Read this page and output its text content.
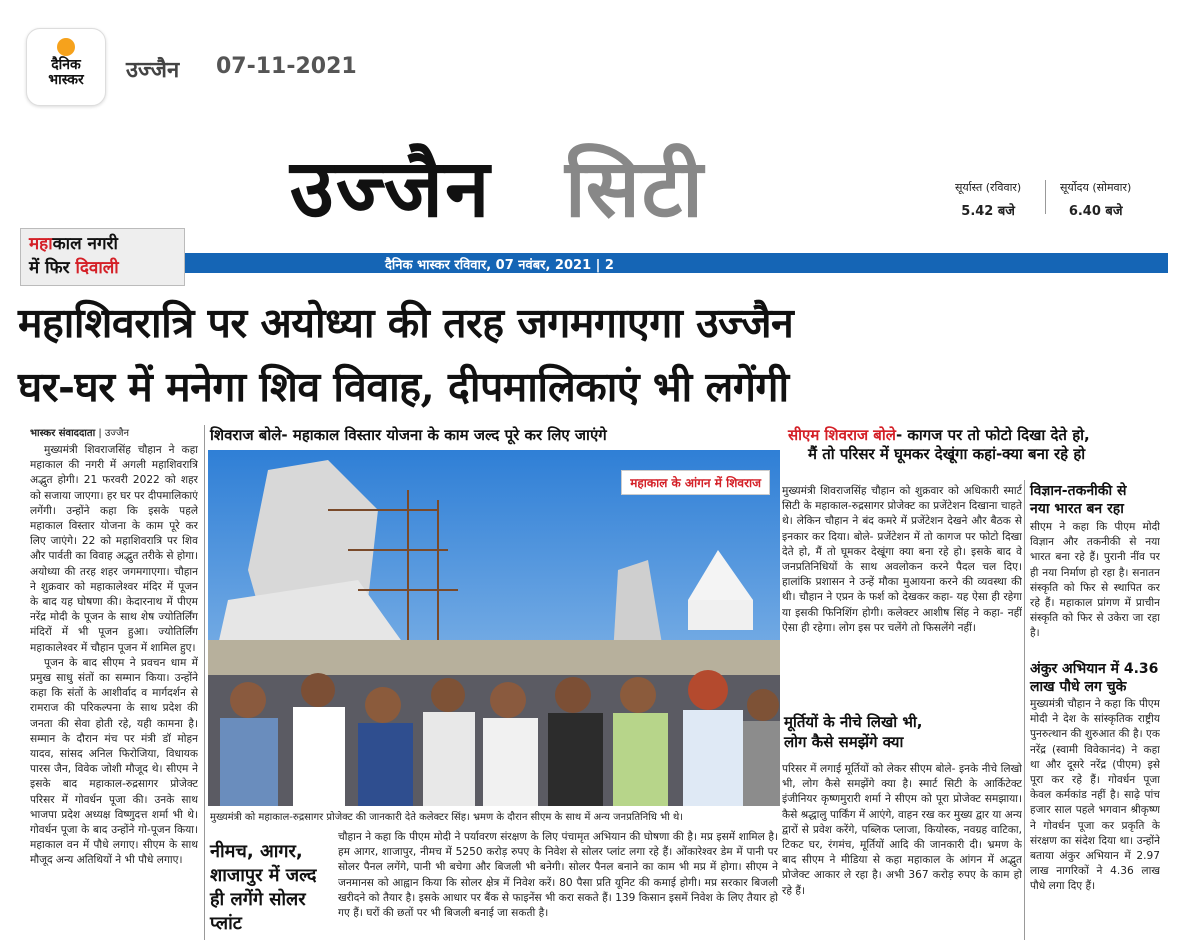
दैनिक
भास्कर	उज्जैन 07-11-2021
उज्जैन सिटी	सूर्यास्त (रविवार)
5.42 बजे
सूर्योदय (सोमवार)
6.40 बजे
दैनिक भास्कर रविवार, 07 नवंबर, 2021 | 2
महाकाल नगरी
में फिर दिवाली
महाशिवरात्रि पर अयोध्या की तरह जगमगाएगा उज्जैन
घर-घर में मनेगा शिव विवाह, दीपमालिकाएं भी लगेंगी
भास्कर संवाददाता | उज्जैन

मुख्यमंत्री शिवराजसिंह चौहान ने कहा महाकाल की नगरी में अगली महाशिवरात्रि अद्भुत होगी। 21 फरवरी 2022 को शहर को सजाया जाएगा। हर घर पर दीपमालिकाएं लगेंगी। उन्होंने कहा कि इसके पहले महाकाल विस्तार योजना के काम पूरे कर लिए जाएंगे। 22 को महाशिवरात्रि पर शिव और पार्वती का विवाह अद्भुत तरीके से होगा। अयोध्या की तरह शहर जगमगाएगा। चौहान ने शुक्रवार को महाकालेश्वर मंदिर में पूजन के बाद यह घोषणा की। केदारनाथ में पीएम नरेंद्र मोदी के पूजन के साथ शेष ज्योतिर्लिंग मंदिरों में भी पूजन हुआ। ज्योतिर्लिंग महाकालेश्वर में चौहान पूजन में शामिल हुए।

पूजन के बाद सीएम ने प्रवचन धाम में प्रमुख साधु संतों का सम्मान किया। उन्होंने कहा कि संतों के आशीर्वाद व मार्गदर्शन से रामराज की परिकल्पना के साथ प्रदेश की जनता की सेवा होती रहे, यही कामना है। सम्मान के दौरान मंच पर मंत्री डॉ मोहन यादव, सांसद अनिल फिरोजिया, विधायक पारस जैन, विवेक जोशी मौजूद थे। सीएम ने इसके बाद महाकाल-रुद्रसागर प्रोजेक्ट परिसर में गोवर्धन पूजा की। उनके साथ भाजपा प्रदेश अध्यक्ष विष्णुदत्त शर्मा भी थे। गोवर्धन पूजा के बाद उन्होंने गो-पूजन किया। महाकाल वन में पौधे लगाए। सीएम के साथ मौजूद अन्य अतिथियों ने भी पौधे लगाए।

शिवराज बोले- महाकाल विस्तार योजना के काम जल्द पूरे कर लिए जाएंगे	सीएम शिवराज बोले- कागज पर तो फोटो दिखा देते हो,
मैं तो परिसर में घूमकर देखूंगा कहां-क्या बना रहे हो
महाकाल के आंगन में शिवराज
मुख्यमंत्री को महाकाल-रुद्रसागर प्रोजेक्ट की जानकारी देते कलेक्टर सिंह। भ्रमण के दौरान सीएम के साथ में अन्य जनप्रतिनिधि भी थे।
मुख्यमंत्री शिवराजसिंह चौहान को शुक्रवार को अधिकारी स्मार्ट सिटी के महाकाल-रुद्रसागर प्रोजेक्ट का प्रजेंटेशन दिखाना चाहते थे। लेकिन चौहान ने बंद कमरे में प्रजेंटेशन देखने और बैठक से इनकार कर दिया। बोले- प्रजेंटेशन में तो कागज पर फोटो दिखा देते हो, मैं तो घूमकर देखूंगा क्या बना रहे हो। इसके बाद वे जनप्रतिनिधियों के साथ अवलोकन करने पैदल चल दिए। हालांकि प्रशासन ने उन्हें मौका मुआयना करने की व्यवस्था की थी। चौहान ने एप्रन के फर्श को देखकर कहा- यह ऐसा ही रहेगा या इसकी फिनिशिंग होगी। कलेक्टर आशीष सिंह ने कहा- नहीं ऐसा ही रहेगा। लोग इस पर चलेंगे तो फिसलेंगे नहीं।
मूर्तियों के नीचे लिखो भी,
लोग कैसे समझेंगे क्या
परिसर में लगाई मूर्तियों को लेकर सीएम बोले- इनके नीचे लिखो भी, लोग कैसे समझेंगे क्या है। स्मार्ट सिटी के आर्किटेक्ट इंजीनियर कृष्णमुरारी शर्मा ने सीएम को पूरा प्रोजेक्ट समझाया। कैसे श्रद्धालु पार्किंग में आएंगे, वाहन रख कर मुख्य द्वार या अन्य द्वारों से प्रवेश करेंगे, पब्लिक प्लाजा, कियोस्क, नवग्रह वाटिका, टिकट घर, रंगमंच, मूर्तियों आदि की जानकारी दी। भ्रमण के बाद सीएम ने मीडिया से कहा महाकाल के आंगन में अद्भुत प्रोजेक्ट आकार ले रहा है। अभी 367 करोड़ रुपए के काम हो रहे हैं।
विज्ञान-तकनीकी से
नया भारत बन रहा
सीएम ने कहा कि पीएम मोदी विज्ञान और तकनीकी से नया भारत बना रहे हैं। पुरानी नींव पर ही नया निर्माण हो रहा है। सनातन संस्कृति को फिर से स्थापित कर रहे हैं। महाकाल प्रांगण में प्राचीन संस्कृति को फिर से उकेरा जा रहा है।
अंकुर अभियान में 4.36
लाख पौधे लग चुके
मुख्यमंत्री चौहान ने कहा कि पीएम मोदी ने देश के सांस्कृतिक राष्ट्रीय पुनरुत्थान की शुरुआत की है। एक नरेंद्र (स्वामी विवेकानंद) ने कहा था और दूसरे नरेंद्र (पीएम) इसे पूरा कर रहे हैं। गोवर्धन पूजा केवल कर्मकांड नहीं है। साढ़े पांच हजार साल पहले भगवान श्रीकृष्ण ने गोवर्धन पूजा कर प्रकृति के संरक्षण का संदेश दिया था। उन्होंने बताया अंकुर अभियान में 2.97 लाख नागरिकों ने 4.36 लाख पौधे लगा दिए हैं।
नीमच, आगर, शाजापुर में जल्द ही लगेंगे सोलर प्लांट
चौहान ने कहा कि पीएम मोदी ने पर्यावरण संरक्षण के लिए पंचामृत अभियान की घोषणा की है। मप्र इसमें शामिल है। हम आगर, शाजापुर, नीमच में 5250 करोड़ रुपए के निवेश से सोलर प्लांट लगा रहे हैं। ओंकारेश्वर डेम में पानी पर सोलर पैनल लगेंगे, पानी भी बचेगा और बिजली भी बनेगी। सोलर पैनल बनाने का काम भी मप्र में होगा। सीएम ने जनमानस को आह्वान किया कि सोलर क्षेत्र में निवेश करें। 80 पैसा प्रति यूनिट की कमाई होगी। मप्र सरकार बिजली खरीदने को तैयार है। इसके आधार पर बैंक से फाइनेंस भी करा सकते हैं। 139 किसान इसमें निवेश के लिए तैयार हो गए हैं। घरों की छतों पर भी बिजली बनाई जा सकती है।
